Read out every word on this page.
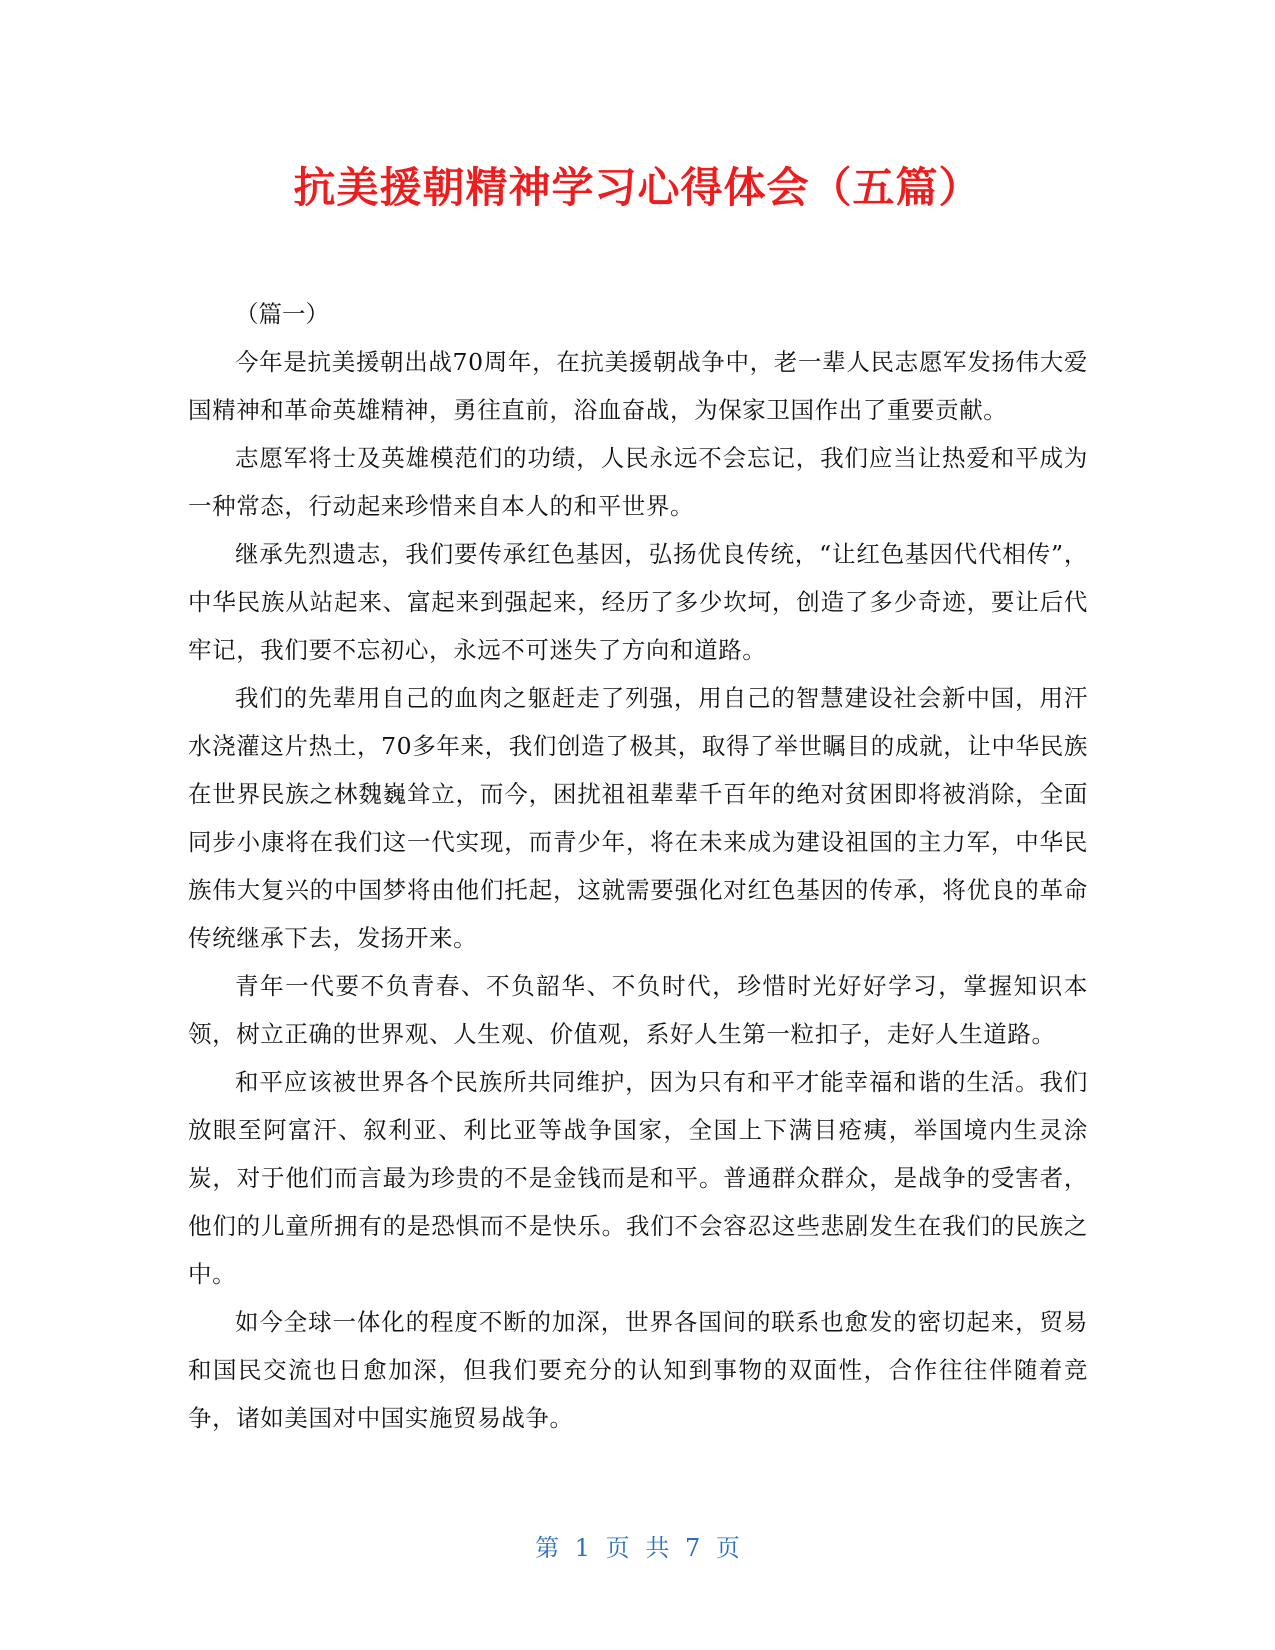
抗美援朝精神学习心得体会（五篇）

（篇一）

今年是抗美援朝出战70周年，在抗美援朝战争中，老一辈人民志愿军发扬伟大爱国精神和革命英雄精神，勇往直前，浴血奋战，为保家卫国作出了重要贡献。

志愿军将士及英雄模范们的功绩，人民永远不会忘记，我们应当让热爱和平成为一种常态，行动起来珍惜来自本人的和平世界。

继承先烈遗志，我们要传承红色基因，弘扬优良传统，“让红色基因代代相传”，中华民族从站起来、富起来到强起来，经历了多少坎坷，创造了多少奇迹，要让后代牢记，我们要不忘初心，永远不可迷失了方向和道路。

我们的先辈用自己的血肉之躯赶走了列强，用自己的智慧建设社会新中国，用汗水浇灌这片热土，70多年来，我们创造了极其，取得了举世瞩目的成就，让中华民族在世界民族之林魏巍耸立，而今，困扰祖祖辈辈千百年的绝对贫困即将被消除，全面同步小康将在我们这一代实现，而青少年，将在未来成为建设祖国的主力军，中华民族伟大复兴的中国梦将由他们托起，这就需要强化对红色基因的传承，将优良的革命传统继承下去，发扬开来。

青年一代要不负青春、不负韶华、不负时代，珍惜时光好好学习，掌握知识本领，树立正确的世界观、人生观、价值观，系好人生第一粒扣子，走好人生道路。

和平应该被世界各个民族所共同维护，因为只有和平才能幸福和谐的生活。我们放眼至阿富汗、叙利亚、利比亚等战争国家，全国上下满目疮痍，举国境内生灵涂炭，对于他们而言最为珍贵的不是金钱而是和平。普通群众群众，是战争的受害者，他们的儿童所拥有的是恐惧而不是快乐。我们不会容忍这些悲剧发生在我们的民族之中。

如今全球一体化的程度不断的加深，世界各国间的联系也愈发的密切起来，贸易和国民交流也日愈加深，但我们要充分的认知到事物的双面性，合作往往伴随着竞争，诸如美国对中国实施贸易战争。

第 1 页 共 7 页
